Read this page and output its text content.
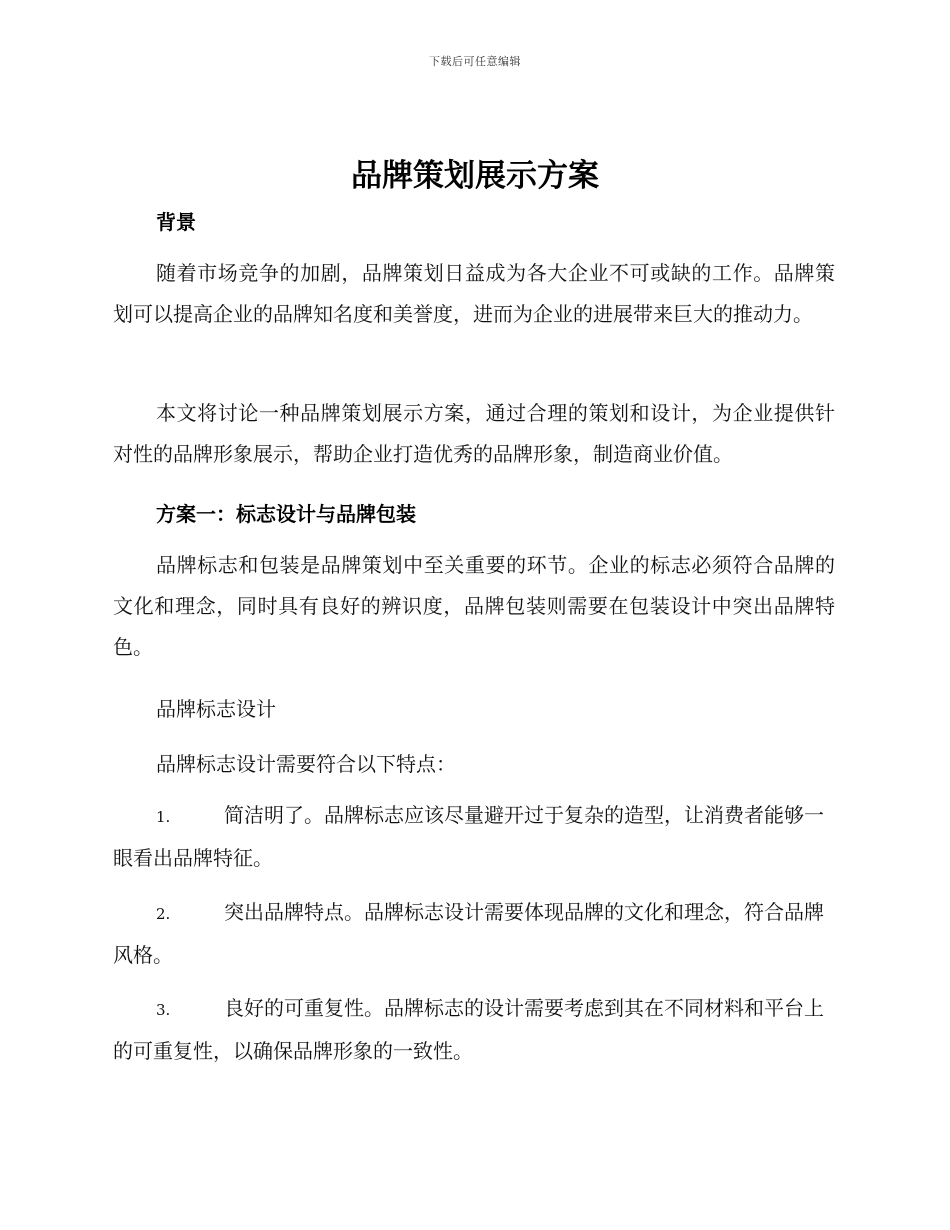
下载后可任意编辑
品牌策划展示方案
背景

随着市场竞争的加剧，品牌策划日益成为各大企业不可或缺的工作。品牌策划可以提高企业的品牌知名度和美誉度，进而为企业的进展带来巨大的推动力。

本文将讨论一种品牌策划展示方案，通过合理的策划和设计，为企业提供针对性的品牌形象展示，帮助企业打造优秀的品牌形象，制造商业价值。

方案一：标志设计与品牌包装

品牌标志和包装是品牌策划中至关重要的环节。企业的标志必须符合品牌的文化和理念，同时具有良好的辨识度，品牌包装则需要在包装设计中突出品牌特色。

品牌标志设计
品牌标志设计需要符合以下特点：

1.	简洁明了。品牌标志应该尽量避开过于复杂的造型，让消费者能够一眼看出品牌特征。

2.	突出品牌特点。品牌标志设计需要体现品牌的文化和理念，符合品牌风格。

3.	良好的可重复性。品牌标志的设计需要考虑到其在不同材料和平台上的可重复性，以确保品牌形象的一致性。
